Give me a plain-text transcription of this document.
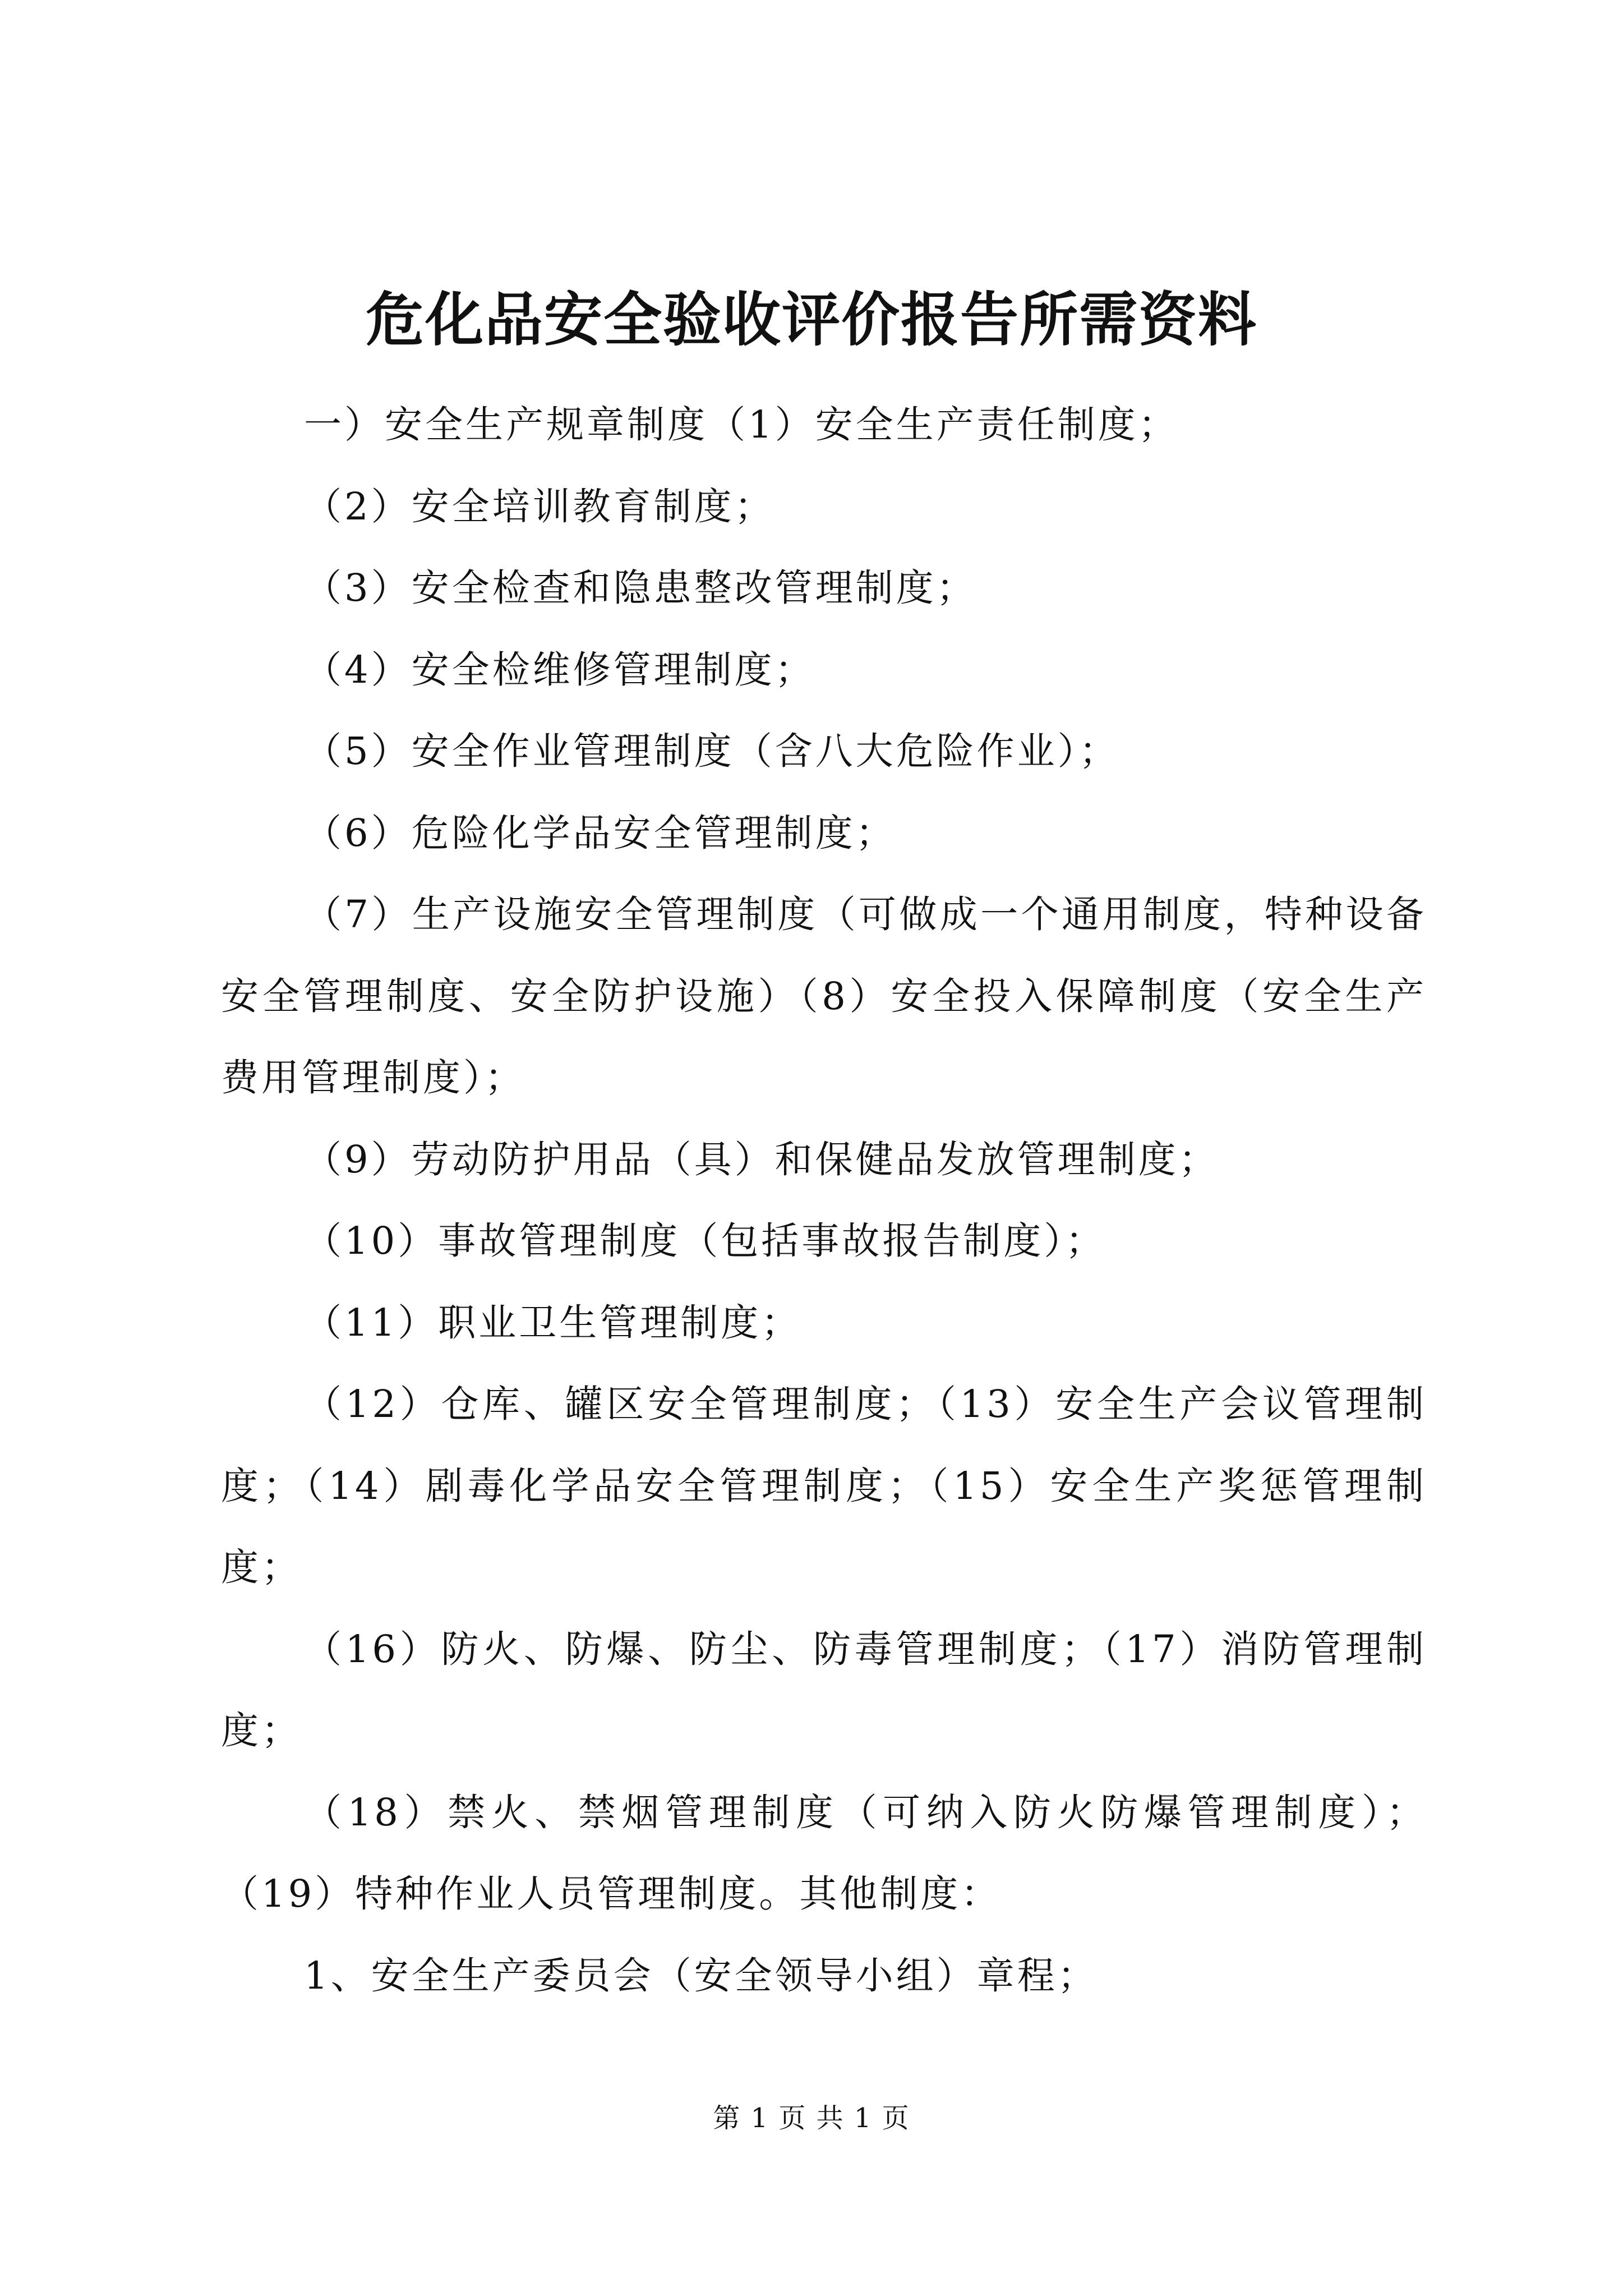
危化品安全验收评价报告所需资料

一）安全生产规章制度（1）安全生产责任制度；

（2）安全培训教育制度；

（3）安全检查和隐患整改管理制度；

（4）安全检维修管理制度；

（5）安全作业管理制度（含八大危险作业）；

（6）危险化学品安全管理制度；

（7）生产设施安全管理制度（可做成一个通用制度，特种设备安全管理制度、安全防护设施）（8）安全投入保障制度（安全生产费用管理制度）；

（9）劳动防护用品（具）和保健品发放管理制度；

（10）事故管理制度（包括事故报告制度）；

（11）职业卫生管理制度；

（12）仓库、罐区安全管理制度；（13）安全生产会议管理制度；（14）剧毒化学品安全管理制度；（15）安全生产奖惩管理制度；

（16）防火、防爆、防尘、防毒管理制度；（17）消防管理制度；

（18）禁火、禁烟管理制度（可纳入防火防爆管理制度）；（19）特种作业人员管理制度。其他制度：

1、安全生产委员会（安全领导小组）章程；

第 1 页 共 1 页
